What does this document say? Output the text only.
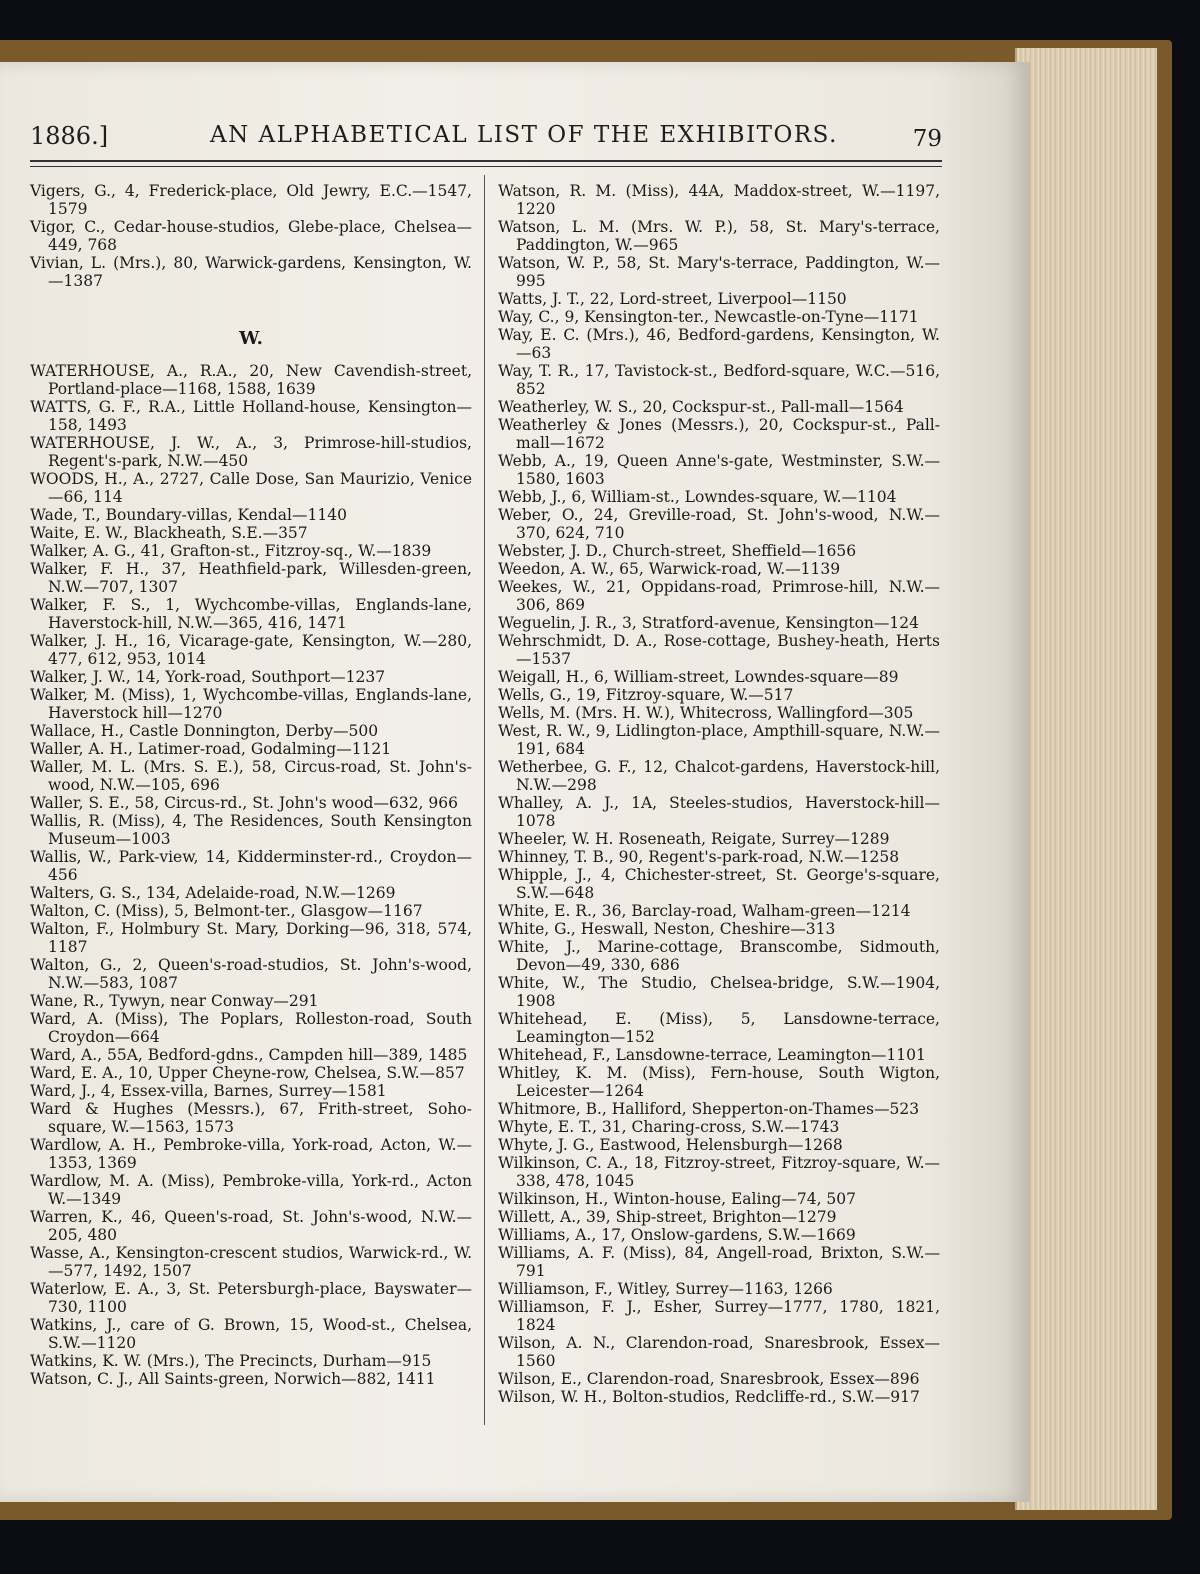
1886.]	AN ALPHABETICAL LIST OF THE EXHIBITORS.	79

Vigers, G., 4, Frederick-place, Old Jewry, E.C.—1547, 1579

Vigor, C., Cedar-house-studios, Glebe-place, Chelsea—449, 768

Vivian, L. (Mrs.), 80, Warwick-gardens, Kensington, W.—1387

W.

WATERHOUSE, A., R.A., 20, New Cavendish-street, Portland-place—1168, 1588, 1639

WATTS, G. F., R.A., Little Holland-house, Kensington—158, 1493

WATERHOUSE, J. W., A., 3, Primrose-hill-studios, Regent's-park, N.W.—450

WOODS, H., A., 2727, Calle Dose, San Maurizio, Venice—66, 114

Wade, T., Boundary-villas, Kendal—1140

Waite, E. W., Blackheath, S.E.—357

Walker, A. G., 41, Grafton-st., Fitzroy-sq., W.—1839

Walker, F. H., 37, Heathfield-park, Willesden-green, N.W.—707, 1307

Walker, F. S., 1, Wychcombe-villas, Englands-lane, Haverstock-hill, N.W.—365, 416, 1471

Walker, J. H., 16, Vicarage-gate, Kensington, W.—280, 477, 612, 953, 1014

Walker, J. W., 14, York-road, Southport—1237

Walker, M. (Miss), 1, Wychcombe-villas, Englands-lane, Haverstock hill—1270

Wallace, H., Castle Donnington, Derby—500

Waller, A. H., Latimer-road, Godalming—1121

Waller, M. L. (Mrs. S. E.), 58, Circus-road, St. John's-wood, N.W.—105, 696

Waller, S. E., 58, Circus-rd., St. John's wood—632, 966

Wallis, R. (Miss), 4, The Residences, South Kensington Museum—1003

Wallis, W., Park-view, 14, Kidderminster-rd., Croydon—456

Walters, G. S., 134, Adelaide-road, N.W.—1269

Walton, C. (Miss), 5, Belmont-ter., Glasgow—1167

Walton, F., Holmbury St. Mary, Dorking—96, 318, 574, 1187

Walton, G., 2, Queen's-road-studios, St. John's-wood, N.W.—583, 1087

Wane, R., Tywyn, near Conway—291

Ward, A. (Miss), The Poplars, Rolleston-road, South Croydon—664

Ward, A., 55A, Bedford-gdns., Campden hill—389, 1485

Ward, E. A., 10, Upper Cheyne-row, Chelsea, S.W.—857

Ward, J., 4, Essex-villa, Barnes, Surrey—1581

Ward & Hughes (Messrs.), 67, Frith-street, Soho-square, W.—1563, 1573

Wardlow, A. H., Pembroke-villa, York-road, Acton, W.—1353, 1369

Wardlow, M. A. (Miss), Pembroke-villa, York-rd., Acton W.—1349

Warren, K., 46, Queen's-road, St. John's-wood, N.W.—205, 480

Wasse, A., Kensington-crescent studios, Warwick-rd., W.—577, 1492, 1507

Waterlow, E. A., 3, St. Petersburgh-place, Bayswater—730, 1100

Watkins, J., care of G. Brown, 15, Wood-st., Chelsea, S.W.—1120

Watkins, K. W. (Mrs.), The Precincts, Durham—915

Watson, C. J., All Saints-green, Norwich—882, 1411

Watson, R. M. (Miss), 44A, Maddox-street, W.—1197, 1220

Watson, L. M. (Mrs. W. P.), 58, St. Mary's-terrace, Paddington, W.—965

Watson, W. P., 58, St. Mary's-terrace, Paddington, W.—995

Watts, J. T., 22, Lord-street, Liverpool—1150

Way, C., 9, Kensington-ter., Newcastle-on-Tyne—1171

Way, E. C. (Mrs.), 46, Bedford-gardens, Kensington, W.—63

Way, T. R., 17, Tavistock-st., Bedford-square, W.C.—516, 852

Weatherley, W. S., 20, Cockspur-st., Pall-mall—1564

Weatherley & Jones (Messrs.), 20, Cockspur-st., Pall-mall—1672

Webb, A., 19, Queen Anne's-gate, Westminster, S.W.—1580, 1603

Webb, J., 6, William-st., Lowndes-square, W.—1104

Weber, O., 24, Greville-road, St. John's-wood, N.W.—370, 624, 710

Webster, J. D., Church-street, Sheffield—1656

Weedon, A. W., 65, Warwick-road, W.—1139

Weekes, W., 21, Oppidans-road, Primrose-hill, N.W.—306, 869

Weguelin, J. R., 3, Stratford-avenue, Kensington—124

Wehrschmidt, D. A., Rose-cottage, Bushey-heath, Herts—1537

Weigall, H., 6, William-street, Lowndes-square—89

Wells, G., 19, Fitzroy-square, W.—517

Wells, M. (Mrs. H. W.), Whitecross, Wallingford—305

West, R. W., 9, Lidlington-place, Ampthill-square, N.W.—191, 684

Wetherbee, G. F., 12, Chalcot-gardens, Haverstock-hill, N.W.—298

Whalley, A. J., 1A, Steeles-studios, Haverstock-hill—1078

Wheeler, W. H. Roseneath, Reigate, Surrey—1289

Whinney, T. B., 90, Regent's-park-road, N.W.—1258

Whipple, J., 4, Chichester-street, St. George's-square, S.W.—648

White, E. R., 36, Barclay-road, Walham-green—1214

White, G., Heswall, Neston, Cheshire—313

White, J., Marine-cottage, Branscombe, Sidmouth, Devon—49, 330, 686

White, W., The Studio, Chelsea-bridge, S.W.—1904, 1908

Whitehead, E. (Miss), 5, Lansdowne-terrace, Leamington—152

Whitehead, F., Lansdowne-terrace, Leamington—1101

Whitley, K. M. (Miss), Fern-house, South Wigton, Leicester—1264

Whitmore, B., Halliford, Shepperton-on-Thames—523

Whyte, E. T., 31, Charing-cross, S.W.—1743

Whyte, J. G., Eastwood, Helensburgh—1268

Wilkinson, C. A., 18, Fitzroy-street, Fitzroy-square, W.—338, 478, 1045

Wilkinson, H., Winton-house, Ealing—74, 507

Willett, A., 39, Ship-street, Brighton—1279

Williams, A., 17, Onslow-gardens, S.W.—1669

Williams, A. F. (Miss), 84, Angell-road, Brixton, S.W.—791

Williamson, F., Witley, Surrey—1163, 1266

Williamson, F. J., Esher, Surrey—1777, 1780, 1821, 1824

Wilson, A. N., Clarendon-road, Snaresbrook, Essex—1560

Wilson, E., Clarendon-road, Snaresbrook, Essex—896

Wilson, W. H., Bolton-studios, Redcliffe-rd., S.W.—917
